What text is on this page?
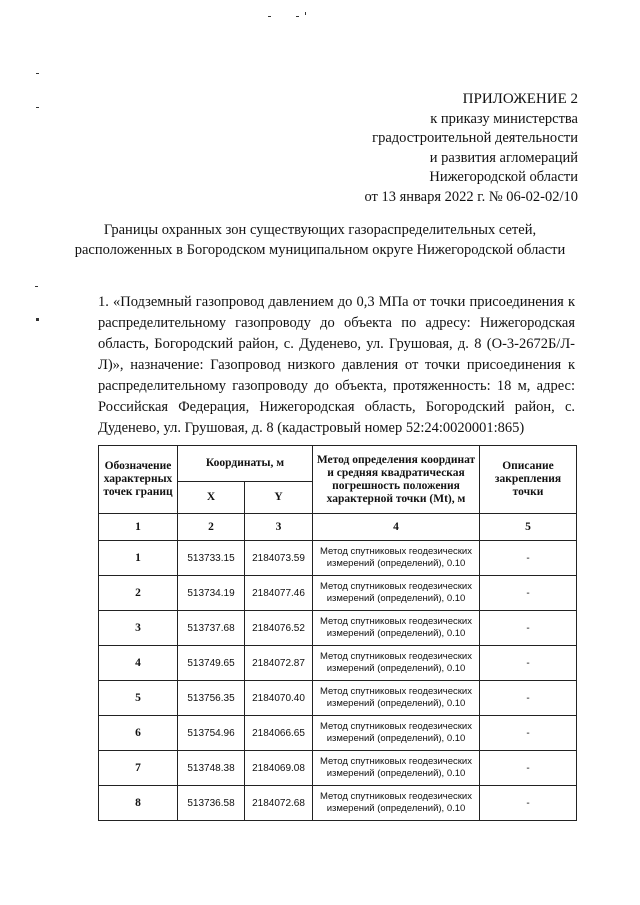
ПРИЛОЖЕНИЕ 2
к приказу министерства
градостроительной деятельности
и развития агломераций
Нижегородской области
от 13 января 2022 г. № 06-02-02/10
Границы охранных зон существующих газораспределительных сетей, расположенных в Богородском муниципальном округе Нижегородской области
1. «Подземный газопровод давлением до 0,3 МПа от точки присоединения к распределительному газопроводу до объекта по адресу: Нижегородская область, Богородский район, с. Дуденево, ул. Грушовая, д. 8 (О-3-2672Б/Л-Л)», назначение: Газопровод низкого давления от точки присоединения к распределительному газопроводу до объекта, протяженность: 18 м, адрес: Российская Федерация, Нижегородская область, Богородский район, с. Дуденево, ул. Грушовая, д. 8 (кадастровый номер 52:24:0020001:865)
Обозначение характерных точек границ	Координаты, м		Метод определения координат и средняя квадратическая погрешность положения характерной точки (Mt), м	Описание закрепления точки
	X	Y		
1	2	3	4	5
1	513733.15	2184073.59	Метод спутниковых геодезических измерений (определений), 0.10	-
2	513734.19	2184077.46	Метод спутниковых геодезических измерений (определений), 0.10	-
3	513737.68	2184076.52	Метод спутниковых геодезических измерений (определений), 0.10	-
4	513749.65	2184072.87	Метод спутниковых геодезических измерений (определений), 0.10	-
5	513756.35	2184070.40	Метод спутниковых геодезических измерений (определений), 0.10	-
6	513754.96	2184066.65	Метод спутниковых геодезических измерений (определений), 0.10	-
7	513748.38	2184069.08	Метод спутниковых геодезических измерений (определений), 0.10	-
8	513736.58	2184072.68	Метод спутниковых геодезических измерений (определений), 0.10	-
